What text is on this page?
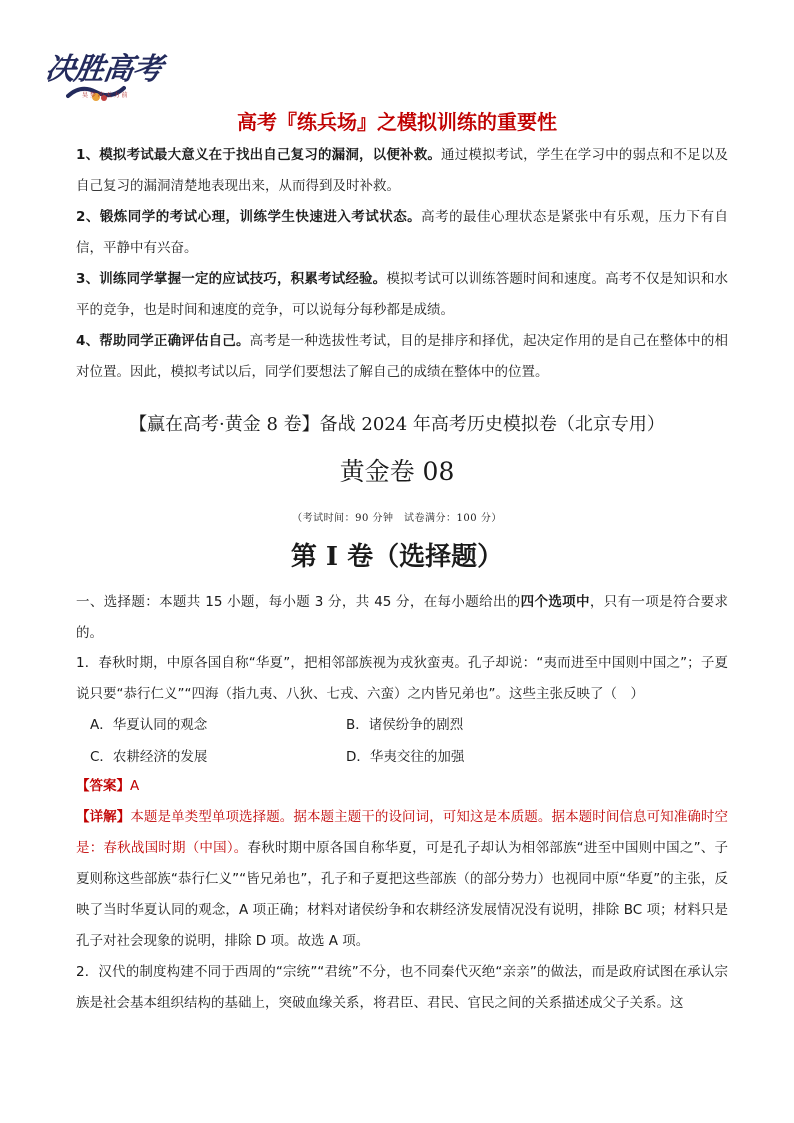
决胜高考
昊 梦 冲 天 力 前
高考『练兵场』之模拟训练的重要性
1、模拟考试最大意义在于找出自己复习的漏洞，以便补救。通过模拟考试，学生在学习中的弱点和不足以及自己复习的漏洞清楚地表现出来，从而得到及时补救。
2、锻炼同学的考试心理，训练学生快速进入考试状态。高考的最佳心理状态是紧张中有乐观，压力下有自信，平静中有兴奋。
3、训练同学掌握一定的应试技巧，积累考试经验。模拟考试可以训练答题时间和速度。高考不仅是知识和水平的竞争，也是时间和速度的竞争，可以说每分每秒都是成绩。
4、帮助同学正确评估自己。高考是一种选拔性考试，目的是排序和择优，起决定作用的是自己在整体中的相对位置。因此，模拟考试以后，同学们要想法了解自己的成绩在整体中的位置。
【赢在高考·黄金 8 卷】备战 2024 年高考历史模拟卷（北京专用）
黄金卷 08
（考试时间：90 分钟　试卷满分：100 分）
第 I 卷（选择题）
一、选择题：本题共 15 小题，每小题 3 分，共 45 分，在每小题给出的四个选项中，只有一项是符合要求的。
1．春秋时期，中原各国自称“华夏”，把相邻部族视为戎狄蛮夷。孔子却说：“夷而进至中国则中国之”；子夏说只要“恭行仁义”“四海（指九夷、八狄、七戎、六蛮）之内皆兄弟也”。这些主张反映了（　）
A．华夏认同的观念	B．诸侯纷争的剧烈
C．农耕经济的发展	D．华夷交往的加强
【答案】A
【详解】本题是单类型单项选择题。据本题主题干的设问词，可知这是本质题。据本题时间信息可知准确时空是：春秋战国时期（中国）。春秋时期中原各国自称华夏，可是孔子却认为相邻部族“进至中国则中国之”、子夏则称这些部族“恭行仁义”“皆兄弟也”，孔子和子夏把这些部族（的部分势力）也视同中原“华夏”的主张，反映了当时华夏认同的观念，A 项正确；材料对诸侯纷争和农耕经济发展情况没有说明，排除 BC 项；材料只是孔子对社会现象的说明，排除 D 项。故选 A 项。
2．汉代的制度构建不同于西周的“宗统”“君统”不分，也不同秦代灭绝“亲亲”的做法，而是政府试图在承认宗族是社会基本组织结构的基础上，突破血缘关系，将君臣、君民、官民之间的关系描述成父子关系。这
